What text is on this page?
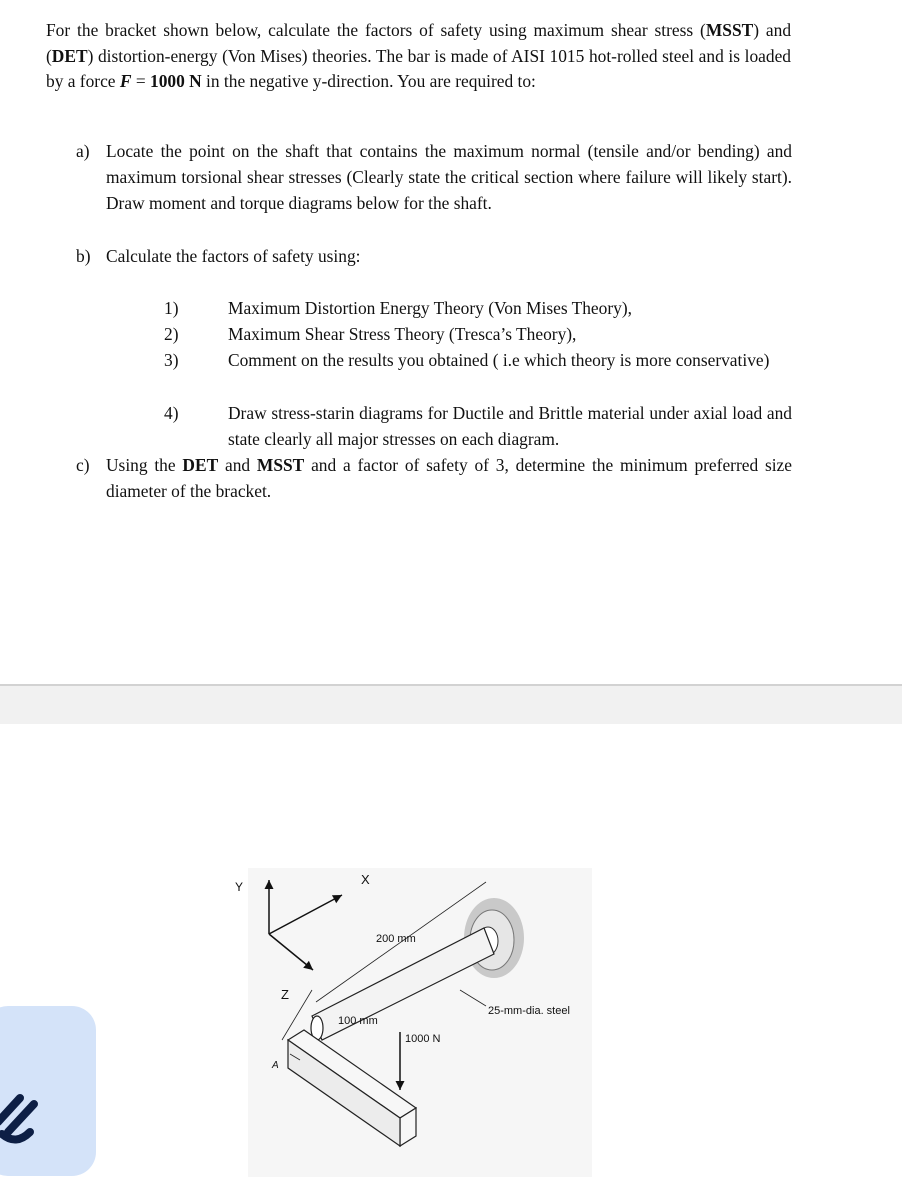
For the bracket shown below, calculate the factors of safety using maximum shear stress (MSST) and (DET) distortion-energy (Von Mises) theories. The bar is made of AISI 1015 hot-rolled steel and is loaded by a force F = 1000 N in the negative y-direction. You are required to:
a) Locate the point on the shaft that contains the maximum normal (tensile and/or bending) and maximum torsional shear stresses (Clearly state the critical section where failure will likely start). Draw moment and torque diagrams below for the shaft.
b) Calculate the factors of safety using:
1)	Maximum Distortion Energy Theory (Von Mises Theory),
2)	Maximum Shear Stress Theory (Tresca’s Theory),
3)	Comment on the results you obtained ( i.e which theory is more conservative)
4)	Draw stress-starin diagrams for Ductile and Brittle material under axial load and state clearly all major stresses on each diagram.
c) Using the DET and MSST and a factor of safety of 3, determine the minimum preferred size diameter of the bracket.
Y	X
Z
1000 N
200 mm
100 mm
25-mm-dia. steel
A
